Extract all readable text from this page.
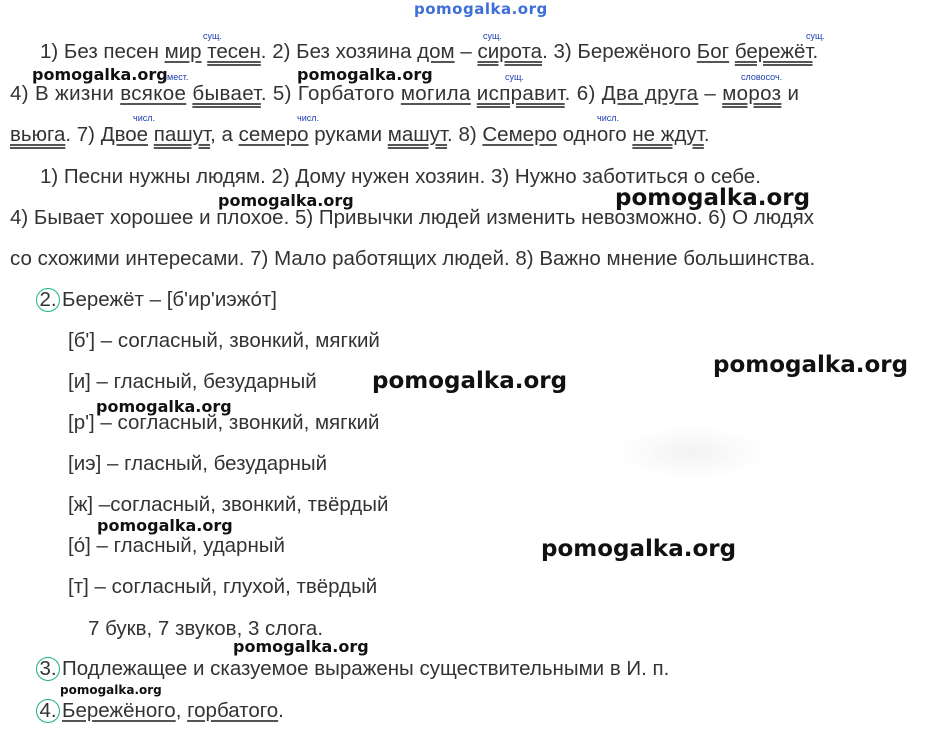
pomogalka.org
сущ.	сущ.	сущ.
мест.	сущ.	словосоч.
числ.	числ.	числ.
1) Без песен мир тесен. 2) Без хозяина дом – сирота. 3) Бережёного Бог бережёт.
4) В жизни всякое бывает. 5) Горбатого могила исправит. 6) Два друга – мороз и
вьюга. 7) Двое пашут, а семеро руками машут. 8) Семеро одного не ждут.
1) Песни нужны людям. 2) Дому нужен хозяин. 3) Нужно заботиться о себе.
4) Бывает хорошее и плохое. 5) Привычки людей изменить невозможно. 6) О людях
со схожими интересами. 7) Мало работящих людей. 8) Важно мнение большинства.
2. Бережёт – [б'ир'иэжо́т]
[б'] – согласный, звонкий, мягкий
[и] – гласный, безударный
[р'] – согласный, звонкий, мягкий
[иэ] – гласный, безударный
[ж] –согласный, звонкий, твёрдый
[о́] – гласный, ударный
[т] – согласный, глухой, твёрдый
7 букв, 7 звуков, 3 слога.
3. Подлежащее и сказуемое выражены существительными в И. п.
4. Бережёного, горбатого.
pomogalka.org	pomogalka.org
pomogalka.org	pomogalka.org
pomogalka.org
pomogalka.org
pomogalka.org
pomogalka.org
pomogalka.org
pomogalka.org
pomogalka.org
